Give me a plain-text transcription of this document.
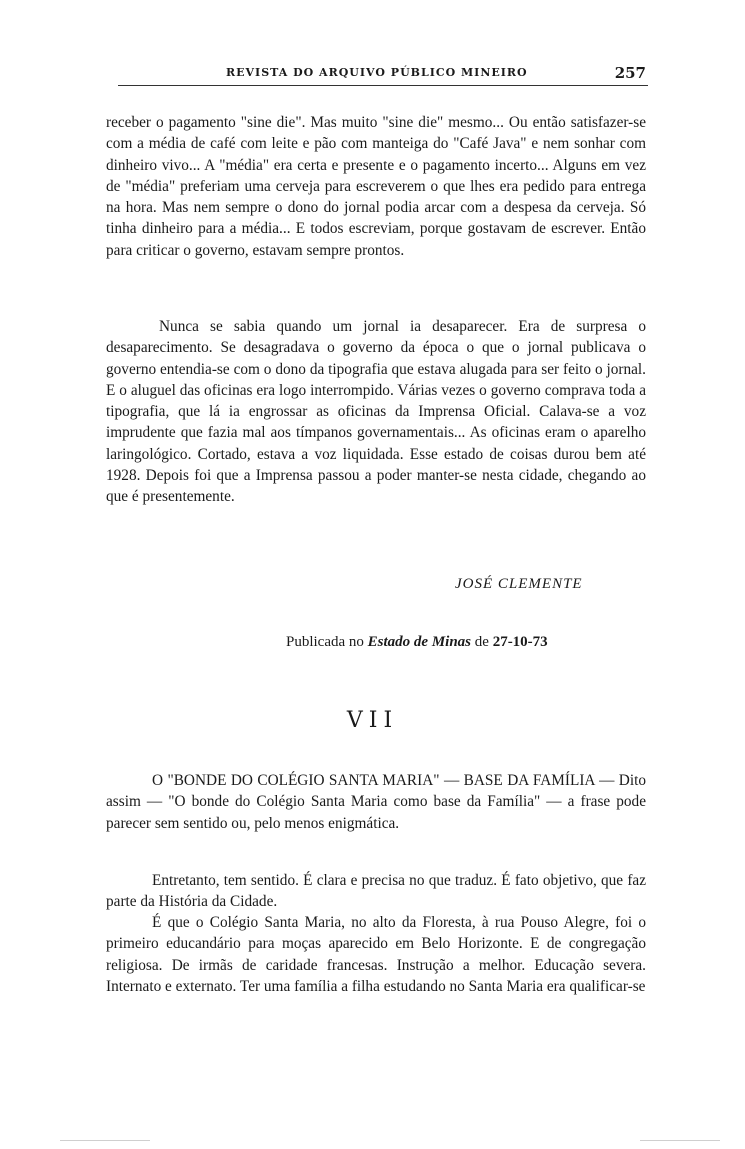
REVISTA DO ARQUIVO PÚBLICO MINEIRO	257

receber o pagamento "sine die". Mas muito "sine die" mesmo... Ou então satisfazer-se com a média de café com leite e pão com manteiga do "Café Java" e nem sonhar com dinheiro vivo... A "média" era certa e presente e o pagamento incerto... Alguns em vez de "média" preferiam uma cerveja para escreverem o que lhes era pedido para entrega na hora. Mas nem sempre o dono do jornal podia arcar com a despesa da cerveja. Só tinha dinheiro para a média... E todos escreviam, porque gostavam de escrever. Então para criticar o governo, estavam sempre prontos.

Nunca se sabia quando um jornal ia desaparecer. Era de surpresa o desaparecimento. Se desagradava o governo da época o que o jornal publicava o governo entendia-se com o dono da tipografia que estava alugada para ser feito o jornal. E o aluguel das oficinas era logo interrompido. Várias vezes o governo comprava toda a tipografia, que lá ia engrossar as oficinas da Imprensa Oficial. Calava-se a voz imprudente que fazia mal aos tímpanos governamentais... As oficinas eram o aparelho laringológico. Cortado, estava a voz liquidada. Esse estado de coisas durou bem até 1928. Depois foi que a Imprensa passou a poder manter-se nesta cidade, chegando ao que é presentemente.

JOSÉ CLEMENTE
Publicada no Estado de Minas de 27-10-73
VII

O "BONDE DO COLÉGIO SANTA MARIA" — BASE DA FAMÍLIA — Dito assim — "O bonde do Colégio Santa Maria como base da Família" — a frase pode parecer sem sentido ou, pelo menos enigmática.

Entretanto, tem sentido. É clara e precisa no que traduz. É fato objetivo, que faz parte da História da Cidade.

É que o Colégio Santa Maria, no alto da Floresta, à rua Pouso Alegre, foi o primeiro educandário para moças aparecido em Belo Horizonte. E de congregação religiosa. De irmãs de caridade francesas. Instrução a melhor. Educação severa. Internato e externato. Ter uma família a filha estudando no Santa Maria era qualificar-se
